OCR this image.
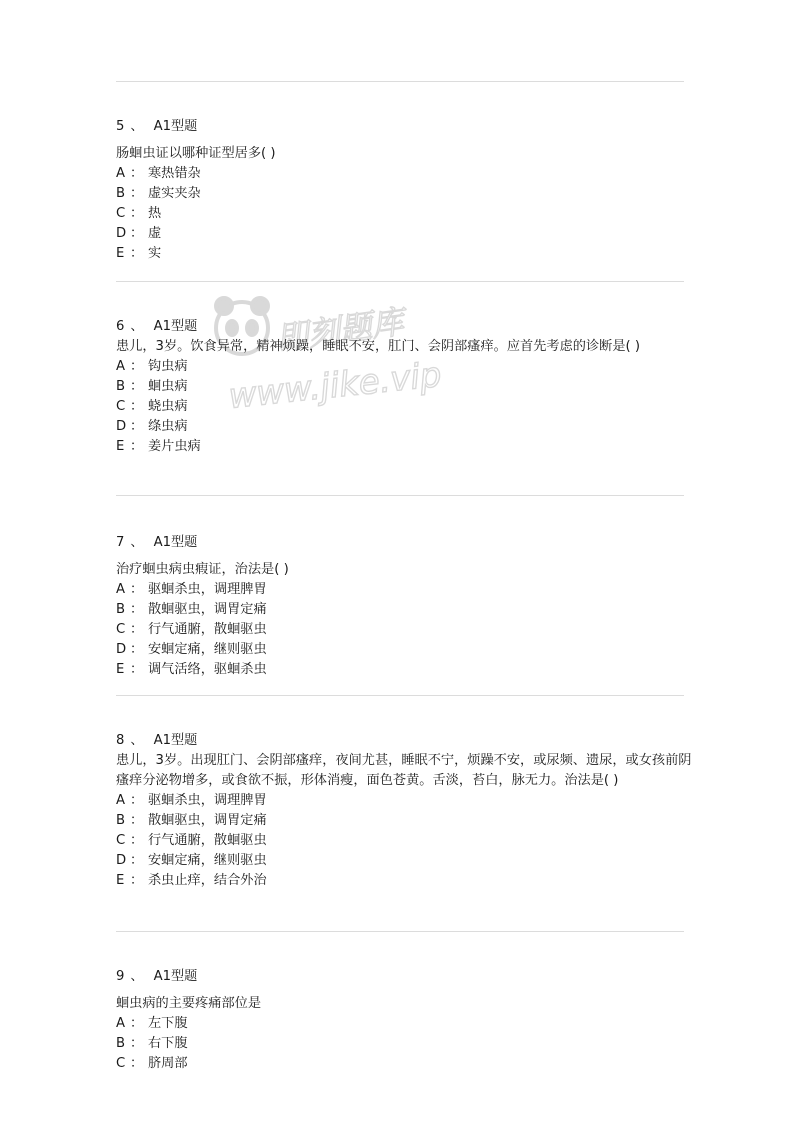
5 、 A1型题
肠蛔虫证以哪种证型居多( )
A ： 寒热错杂
B ： 虚实夹杂
C ： 热
D ： 虚
E ： 实
6 、 A1型题
患儿，3岁。饮食异常，精神烦躁，睡眠不安，肛门、会阴部瘙痒。应首先考虑的诊断是( )
A ： 钩虫病
B ： 蛔虫病
C ： 蛲虫病
D ： 绦虫病
E ： 姜片虫病
7 、 A1型题
治疗蛔虫病虫瘕证，治法是( )
A ： 驱蛔杀虫，调理脾胃
B ： 散蛔驱虫，调胃定痛
C ： 行气通腑，散蛔驱虫
D ： 安蛔定痛，继则驱虫
E ： 调气活络，驱蛔杀虫
8 、 A1型题
患儿，3岁。出现肛门、会阴部瘙痒，夜间尤甚，睡眠不宁，烦躁不安，或尿频、遗尿，或女孩前阴瘙痒分泌物增多，或食欲不振，形体消瘦，面色苍黄。舌淡，苔白，脉无力。治法是( )
A ： 驱蛔杀虫，调理脾胃
B ： 散蛔驱虫，调胃定痛
C ： 行气通腑，散蛔驱虫
D ： 安蛔定痛，继则驱虫
E ： 杀虫止痒，结合外治
9 、 A1型题
蛔虫病的主要疼痛部位是
A ： 左下腹
B ： 右下腹
C ： 脐周部
即刻题库
www.jike.vip
